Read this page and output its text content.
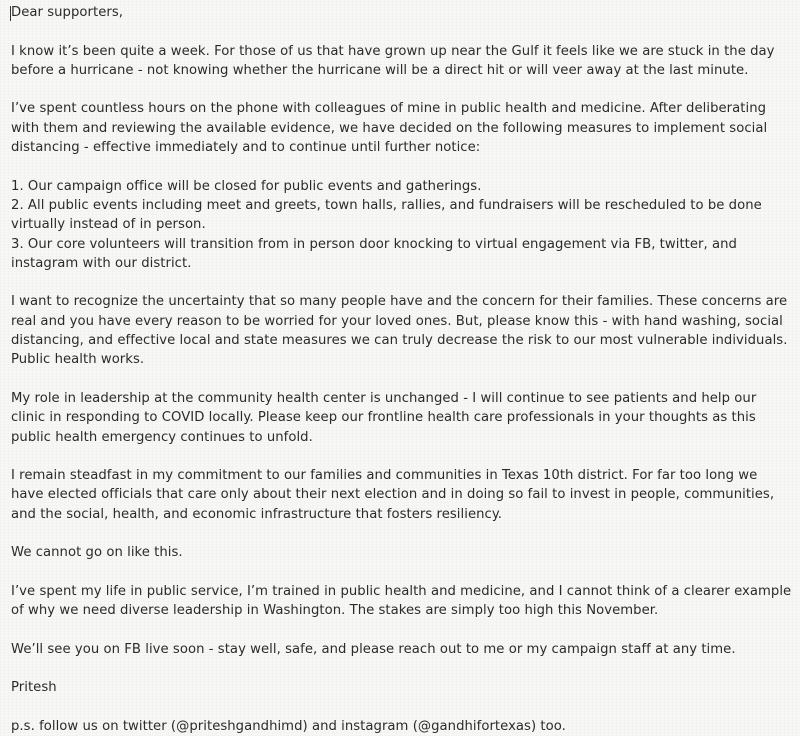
Dear supporters,

I know it’s been quite a week. For those of us that have grown up near the Gulf it feels like we are stuck in the day before a hurricane - not knowing whether the hurricane will be a direct hit or will veer away at the last minute.

I’ve spent countless hours on the phone with colleagues of mine in public health and medicine. After deliberating with them and reviewing the available evidence, we have decided on the following measures to implement social distancing - effective immediately and to continue until further notice:

1. Our campaign office will be closed for public events and gatherings.
2. All public events including meet and greets, town halls, rallies, and fundraisers will be rescheduled to be done virtually instead of in person.
3. Our core volunteers will transition from in person door knocking to virtual engagement via FB, twitter, and instagram with our district.

I want to recognize the uncertainty that so many people have and the concern for their families. These concerns are real and you have every reason to be worried for your loved ones. But, please know this - with hand washing, social distancing, and effective local and state measures we can truly decrease the risk to our most vulnerable individuals. Public health works.

My role in leadership at the community health center is unchanged - I will continue to see patients and help our clinic in responding to COVID locally. Please keep our frontline health care professionals in your thoughts as this public health emergency continues to unfold.

I remain steadfast in my commitment to our families and communities in Texas 10th district. For far too long we have elected officials that care only about their next election and in doing so fail to invest in people, communities, and the social, health, and economic infrastructure that fosters resiliency.

We cannot go on like this.

I’ve spent my life in public service, I’m trained in public health and medicine, and I cannot think of a clearer example of why we need diverse leadership in Washington. The stakes are simply too high this November.

We’ll see you on FB live soon - stay well, safe, and please reach out to me or my campaign staff at any time.

Pritesh

p.s. follow us on twitter (@priteshgandhimd) and instagram (@gandhifortexas) too.
